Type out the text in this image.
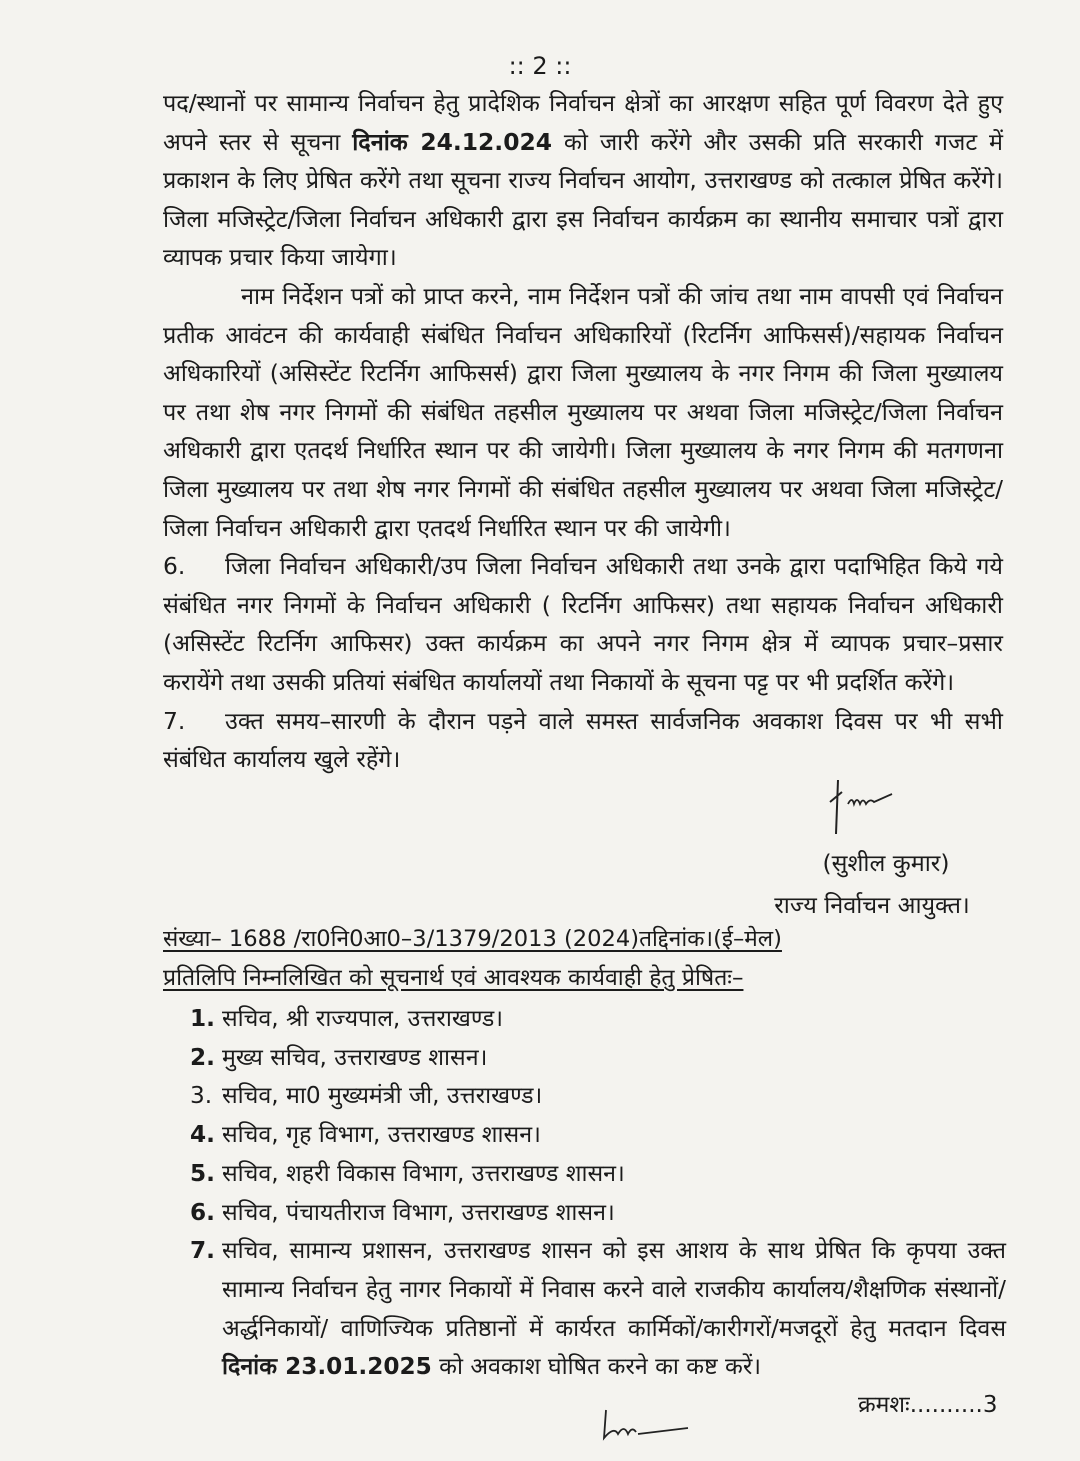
:: 2 ::

पद/स्थानों पर सामान्य निर्वाचन हेतु प्रादेशिक निर्वाचन क्षेत्रों का आरक्षण सहित पूर्ण विवरण देते हुए अपने स्तर से सूचना दिनांक 24.12.024 को जारी करेंगे और उसकी प्रति सरकारी गजट में प्रकाशन के लिए प्रेषित करेंगे तथा सूचना राज्य निर्वाचन आयोग, उत्तराखण्ड को तत्काल प्रेषित करेंगे। जिला मजिस्ट्रेट/जिला निर्वाचन अधिकारी द्वारा इस निर्वाचन कार्यक्रम का स्थानीय समाचार पत्रों द्वारा व्यापक प्रचार किया जायेगा।

नाम निर्देशन पत्रों को प्राप्त करने, नाम निर्देशन पत्रों की जांच तथा नाम वापसी एवं निर्वाचन प्रतीक आवंटन की कार्यवाही संबंधित निर्वाचन अधिकारियों (रिटर्निग आफिसर्स)/सहायक निर्वाचन अधिकारियों (असिस्टेंट रिटर्निग आफिसर्स) द्वारा जिला मुख्यालय के नगर निगम की जिला मुख्यालय पर तथा शेष नगर निगमों की संबंधित तहसील मुख्यालय पर अथवा जिला मजिस्ट्रेट/जिला निर्वाचन अधिकारी द्वारा एतदर्थ निर्धारित स्थान पर की जायेगी। जिला मुख्यालय के नगर निगम की मतगणना जिला मुख्यालय पर तथा शेष नगर निगमों की संबंधित तहसील मुख्यालय पर अथवा जिला मजिस्ट्रेट/जिला निर्वाचन अधिकारी द्वारा एतदर्थ निर्धारित स्थान पर की जायेगी।

6. जिला निर्वाचन अधिकारी/उप जिला निर्वाचन अधिकारी तथा उनके द्वारा पदाभिहित किये गये संबंधित नगर निगमों के निर्वाचन अधिकारी ( रिटर्निग आफिसर) तथा सहायक निर्वाचन अधिकारी (असिस्टेंट रिटर्निग आफिसर) उक्त कार्यक्रम का अपने नगर निगम क्षेत्र में व्यापक प्रचार–प्रसार करायेंगे तथा उसकी प्रतियां संबंधित कार्यालयों तथा निकायों के सूचना पट्ट पर भी प्रदर्शित करेंगे।

7. उक्त समय–सारणी के दौरान पड़ने वाले समस्त सार्वजनिक अवकाश दिवस पर भी सभी संबंधित कार्यालय खुले रहेंगे।

(सुशील कुमार)
राज्य निर्वाचन आयुक्त।
संख्या– 1688 /रा0नि0आ0–3/1379/2013 (2024)तद्दिनांक।(ई–मेल)
प्रतिलिपि निम्नलिखित को सूचनार्थ एवं आवश्यक कार्यवाही हेतु प्रेषितः–
1. सचिव, श्री राज्यपाल, उत्तराखण्ड।
2. मुख्य सचिव, उत्तराखण्ड शासन।
3. सचिव, मा0 मुख्यमंत्री जी, उत्तराखण्ड।
4. सचिव, गृह विभाग, उत्तराखण्ड शासन।
5. सचिव, शहरी विकास विभाग, उत्तराखण्ड शासन।
6. सचिव, पंचायतीराज विभाग, उत्तराखण्ड शासन।
7. सचिव, सामान्य प्रशासन, उत्तराखण्ड शासन को इस आशय के साथ प्रेषित कि कृपया उक्त सामान्य निर्वाचन हेतु नागर निकायों में निवास करने वाले राजकीय कार्यालय/शैक्षणिक संस्थानों/अर्द्धनिकायों/ वाणिज्यिक प्रतिष्ठानों में कार्यरत कार्मिकों/कारीगरों/मजदूरों हेतु मतदान दिवस दिनांक 23.01.2025 को अवकाश घोषित करने का कष्ट करें।
क्रमशः..........3
